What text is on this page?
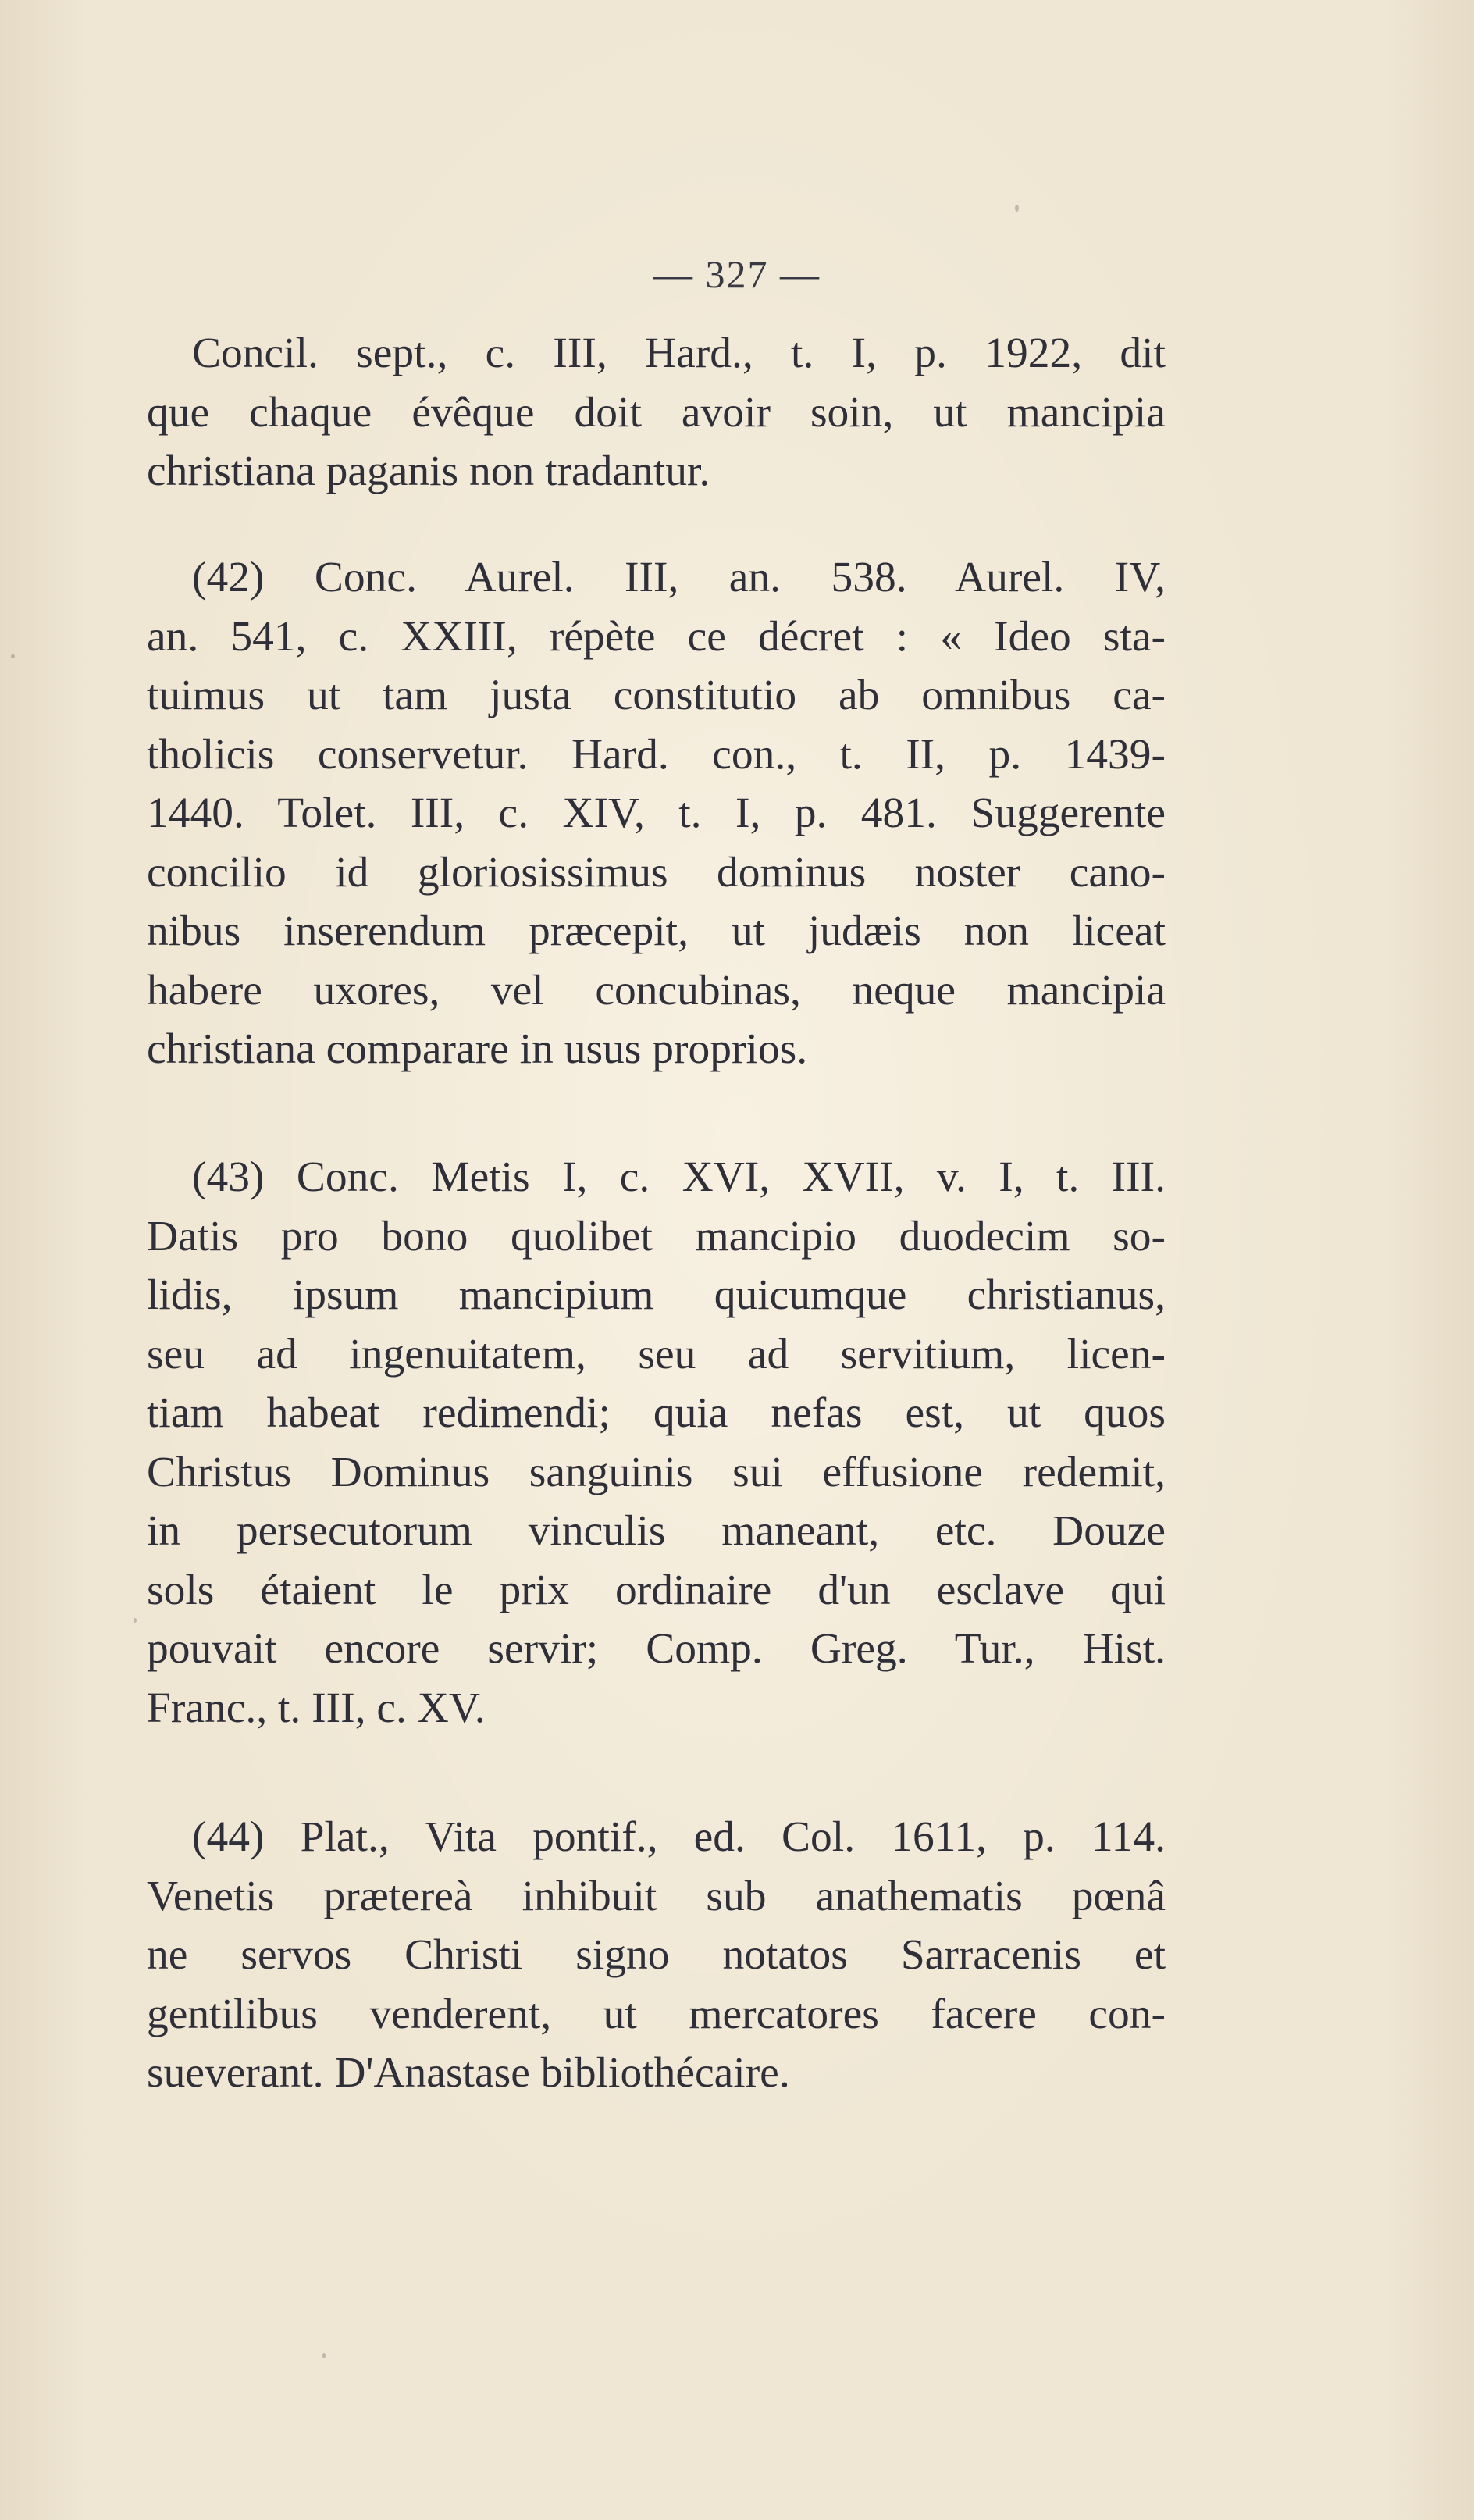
— 327 —
Concil. sept., c. III, Hard., t. I, p. 1922, dit
que chaque évêque doit avoir soin, ut mancipia
christiana paganis non tradantur.
(42) Conc. Aurel. III, an. 538. Aurel. IV,
an. 541, c. XXIII, répète ce décret : « Ideo sta-
tuimus ut tam justa constitutio ab omnibus ca-
tholicis conservetur. Hard. con., t. II, p. 1439-
1440. Tolet. III, c. XIV, t. I, p. 481. Suggerente
concilio id gloriosissimus dominus noster cano-
nibus inserendum præcepit, ut judæis non liceat
habere uxores, vel concubinas, neque mancipia
christiana comparare in usus proprios.
(43) Conc. Metis I, c. XVI, XVII, v. I, t. III.
Datis pro bono quolibet mancipio duodecim so-
lidis, ipsum mancipium quicumque christianus,
seu ad ingenuitatem, seu ad servitium, licen-
tiam habeat redimendi; quia nefas est, ut quos
Christus Dominus sanguinis sui effusione redemit,
in persecutorum vinculis maneant, etc. Douze
sols étaient le prix ordinaire d'un esclave qui
pouvait encore servir; Comp. Greg. Tur., Hist.
Franc., t. III, c. XV.
(44) Plat., Vita pontif., ed. Col. 1611, p. 114.
Venetis prætereà inhibuit sub anathematis pœnâ
ne servos Christi signo notatos Sarracenis et
gentilibus venderent, ut mercatores facere con-
sueverant. D'Anastase bibliothécaire.
